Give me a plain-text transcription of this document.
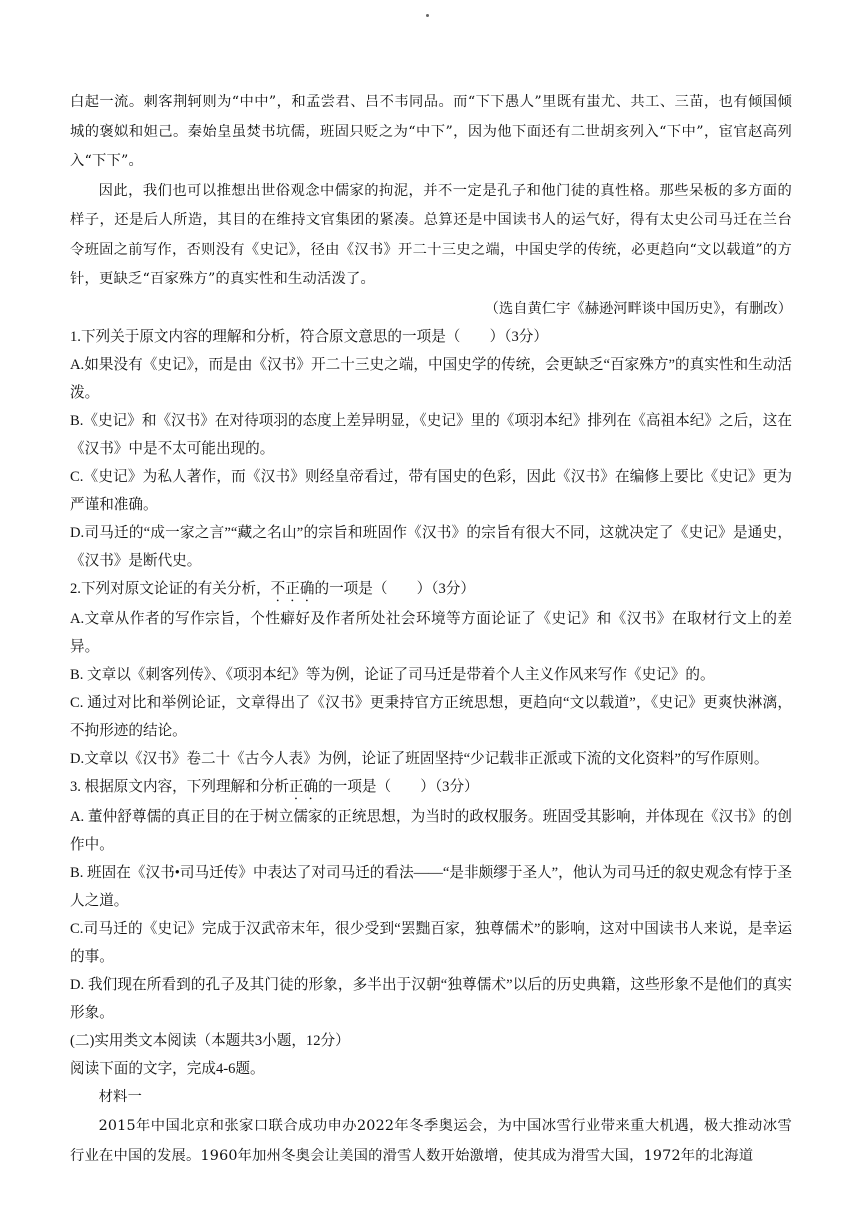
白起一流。刺客荆轲则为“中中”，和孟尝君、吕不韦同品。而“下下愚人”里既有蚩尤、共工、三苗，也有倾国倾城的褒姒和妲己。秦始皇虽焚书坑儒，班固只贬之为“中下”，因为他下面还有二世胡亥列入“下中”，宦官赵高列入“下下”。

因此，我们也可以推想出世俗观念中儒家的拘泥，并不一定是孔子和他门徒的真性格。那些呆板的多方面的样子，还是后人所造，其目的在维持文官集团的紧凑。总算还是中国读书人的运气好，得有太史公司马迁在兰台令班固之前写作，否则没有《史记》，径由《汉书》开二十三史之端，中国史学的传统，必更趋向“文以载道”的方针，更缺乏“百家殊方”的真实性和生动活泼了。

（选自黄仁宇《赫逊河畔谈中国历史》，有删改）

1.下列关于原文内容的理解和分析，符合原文意思的一项是（　　）（3分）

A.如果没有《史记》，而是由《汉书》开二十三史之端，中国史学的传统，会更缺乏“百家殊方”的真实性和生动活泼。

B.《史记》和《汉书》在对待项羽的态度上差异明显，《史记》里的《项羽本纪》排列在《高祖本纪》之后，这在《汉书》中是不太可能出现的。

C.《史记》为私人著作，而《汉书》则经皇帝看过，带有国史的色彩，因此《汉书》在编修上要比《史记》更为严谨和准确。

D.司马迁的“成一家之言”“藏之名山”的宗旨和班固作《汉书》的宗旨有很大不同，这就决定了《史记》是通史，《汉书》是断代史。

2.下列对原文论证的有关分析，不正确的一项是（　　）（3分）

A.文章从作者的写作宗旨，个性癖好及作者所处社会环境等方面论证了《史记》和《汉书》在取材行文上的差异。

B. 文章以《刺客列传》、《项羽本纪》等为例，论证了司马迁是带着个人主义作风来写作《史记》的。

C. 通过对比和举例论证，文章得出了《汉书》更秉持官方正统思想，更趋向“文以载道”，《史记》更爽快淋漓，不拘形迹的结论。

D.文章以《汉书》卷二十《古今人表》为例，论证了班固坚持“少记载非正派或下流的文化资料”的写作原则。

3. 根据原文内容，下列理解和分析正确的一项是（　　）（3分）

A. 董仲舒尊儒的真正目的在于树立儒家的正统思想，为当时的政权服务。班固受其影响，并体现在《汉书》的创作中。

B. 班固在《汉书•司马迁传》中表达了对司马迁的看法——“是非颇缪于圣人”，他认为司马迁的叙史观念有悖于圣人之道。

C.司马迁的《史记》完成于汉武帝末年，很少受到“罢黜百家，独尊儒术”的影响，这对中国读书人来说，是幸运的事。

D. 我们现在所看到的孔子及其门徒的形象，多半出于汉朝“独尊儒术”以后的历史典籍，这些形象不是他们的真实形象。

(二)实用类文本阅读（本题共3小题，12分）

阅读下面的文字，完成4-6题。

材料一

2015年中国北京和张家口联合成功申办2022年冬季奥运会，为中国冰雪行业带来重大机遇，极大推动冰雪行业在中国的发展。1960年加州冬奥会让美国的滑雪人数开始激增，使其成为滑雪大国，1972年的北海道
